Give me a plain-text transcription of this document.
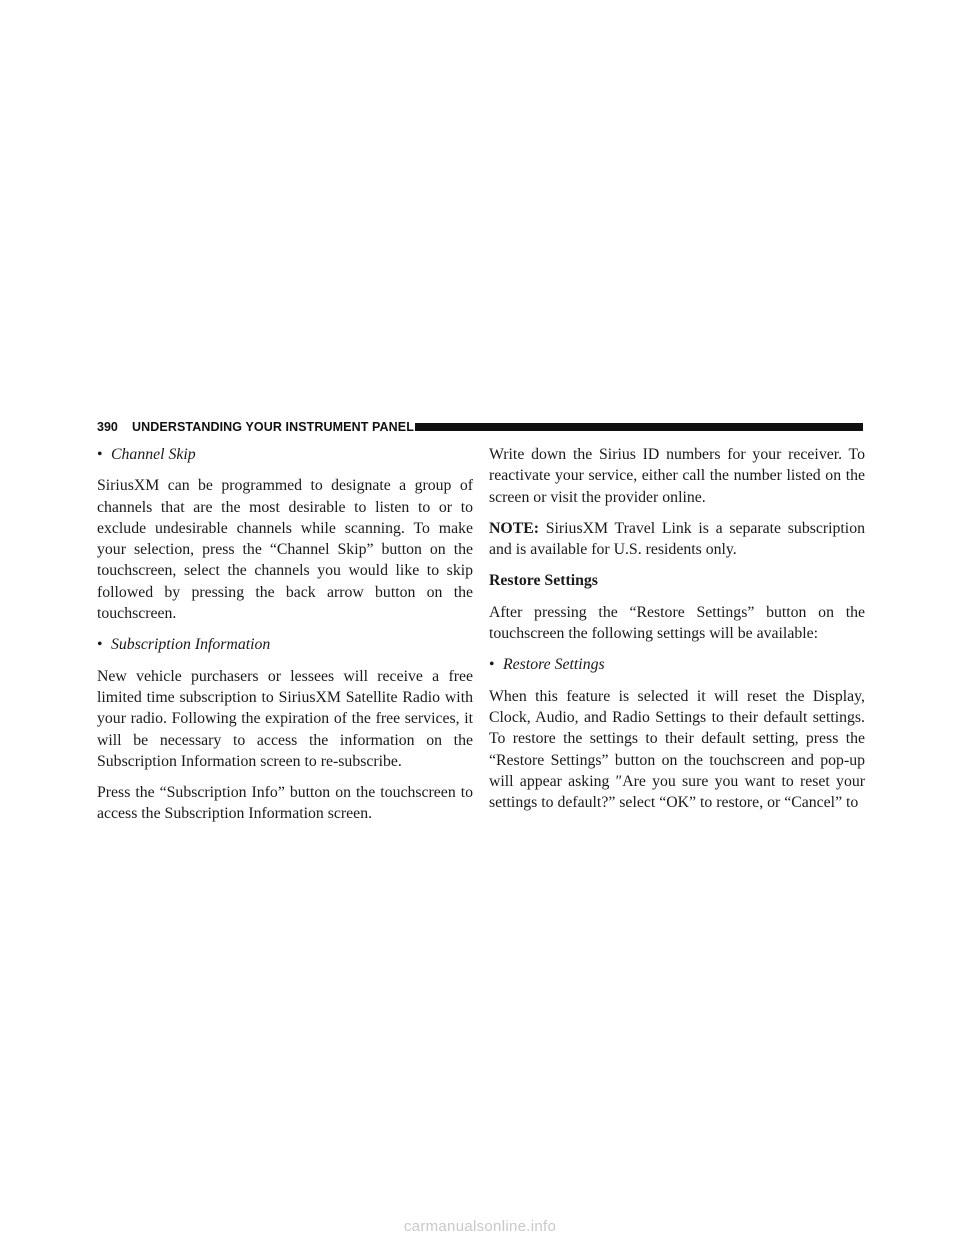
390 UNDERSTANDING YOUR INSTRUMENT PANEL
• Channel Skip

SiriusXM can be programmed to designate a group of channels that are the most desirable to listen to or to exclude undesirable channels while scanning. To make your selection, press the “Channel Skip” button on the touchscreen, select the channels you would like to skip followed by pressing the back arrow button on the touchscreen.

• Subscription Information

New vehicle purchasers or lessees will receive a free limited time subscription to SiriusXM Satellite Radio with your radio. Following the expiration of the free services, it will be necessary to access the information on the Subscription Information screen to re-subscribe.

Press the “Subscription Info” button on the touchscreen to access the Subscription Information screen.

Write down the Sirius ID numbers for your receiver. To reactivate your service, either call the number listed on the screen or visit the provider online.

NOTE: SiriusXM Travel Link is a separate subscription and is available for U.S. residents only.

Restore Settings

After pressing the “Restore Settings” button on the touchscreen the following settings will be available:

• Restore Settings

When this feature is selected it will reset the Display, Clock, Audio, and Radio Settings to their default settings. To restore the settings to their default setting, press the “Restore Settings” button on the touchscreen and pop-up will appear asking ″Are you sure you want to reset your settings to default?” select “OK” to restore, or “Cancel” to

carmanualsonline.info
